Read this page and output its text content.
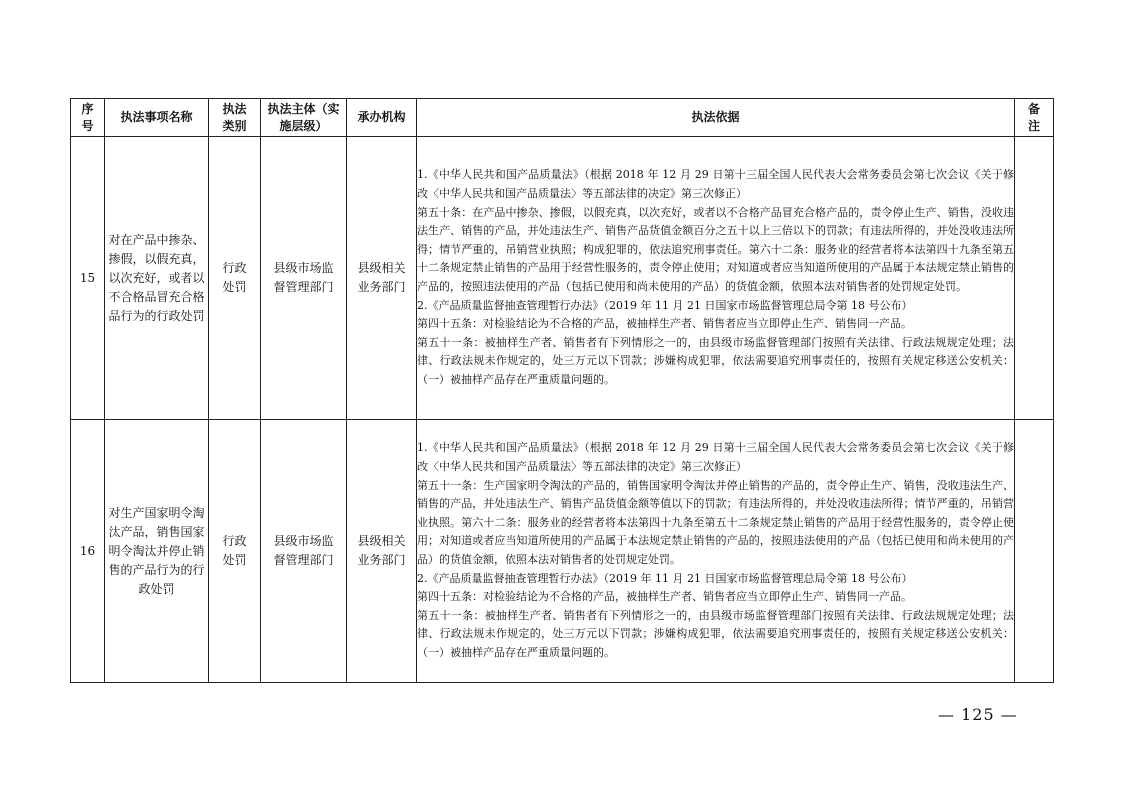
序号	执法事项名称	执法类别	执法主体（实施层级）	承办机构	执法依据	备注
15	对在产品中掺杂、掺假，以假充真，以次充好，或者以不合格品冒充合格品行为的行政处罚	行政处罚	县级市场监督管理部门	县级相关业务部门	1.《中华人民共和国产品质量法》（根据 2018 年 12 月 29 日第十三届全国人民代表大会常务委员会第七次会议《关于修改〈中华人民共和国产品质量法〉等五部法律的决定》第三次修正）
第五十条：在产品中掺杂、掺假，以假充真，以次充好，或者以不合格产品冒充合格产品的，责令停止生产、销售，没收违法生产、销售的产品，并处违法生产、销售产品货值金额百分之五十以上三倍以下的罚款；有违法所得的，并处没收违法所得；情节严重的，吊销营业执照；构成犯罪的，依法追究刑事责任。第六十二条：服务业的经营者将本法第四十九条至第五十二条规定禁止销售的产品用于经营性服务的，责令停止使用；对知道或者应当知道所使用的产品属于本法规定禁止销售的产品的，按照违法使用的产品（包括已使用和尚未使用的产品）的货值金额，依照本法对销售者的处罚规定处罚。
2.《产品质量监督抽查管理暂行办法》（2019 年 11 月 21 日国家市场监督管理总局令第 18 号公布）
第四十五条：对检验结论为不合格的产品，被抽样生产者、销售者应当立即停止生产、销售同一产品。
第五十一条：被抽样生产者、销售者有下列情形之一的，由县级市场监督管理部门按照有关法律、行政法规规定处理；法律、行政法规未作规定的，处三万元以下罚款；涉嫌构成犯罪，依法需要追究刑事责任的，按照有关规定移送公安机关：（一）被抽样产品存在严重质量问题的。	

16	对生产国家明令淘汰产品，销售国家明令淘汰并停止销售的产品行为的行政处罚	行政处罚	县级市场监督管理部门	县级相关业务部门	1.《中华人民共和国产品质量法》（根据 2018 年 12 月 29 日第十三届全国人民代表大会常务委员会第七次会议《关于修改〈中华人民共和国产品质量法〉等五部法律的决定》第三次修正）
第五十一条：生产国家明令淘汰的产品的，销售国家明令淘汰并停止销售的产品的，责令停止生产、销售，没收违法生产、销售的产品，并处违法生产、销售产品货值金额等值以下的罚款；有违法所得的，并处没收违法所得；情节严重的，吊销营业执照。第六十二条：服务业的经营者将本法第四十九条至第五十二条规定禁止销售的产品用于经营性服务的，责令停止使用；对知道或者应当知道所使用的产品属于本法规定禁止销售的产品的，按照违法使用的产品（包括已使用和尚未使用的产品）的货值金额，依照本法对销售者的处罚规定处罚。
2.《产品质量监督抽查管理暂行办法》（2019 年 11 月 21 日国家市场监督管理总局令第 18 号公布）
第四十五条：对检验结论为不合格的产品，被抽样生产者、销售者应当立即停止生产、销售同一产品。
第五十一条：被抽样生产者、销售者有下列情形之一的，由县级市场监督管理部门按照有关法律、行政法规规定处理；法律、行政法规未作规定的，处三万元以下罚款；涉嫌构成犯罪，依法需要追究刑事责任的，按照有关规定移送公安机关：（一）被抽样产品存在严重质量问题的。	

— 125 —
